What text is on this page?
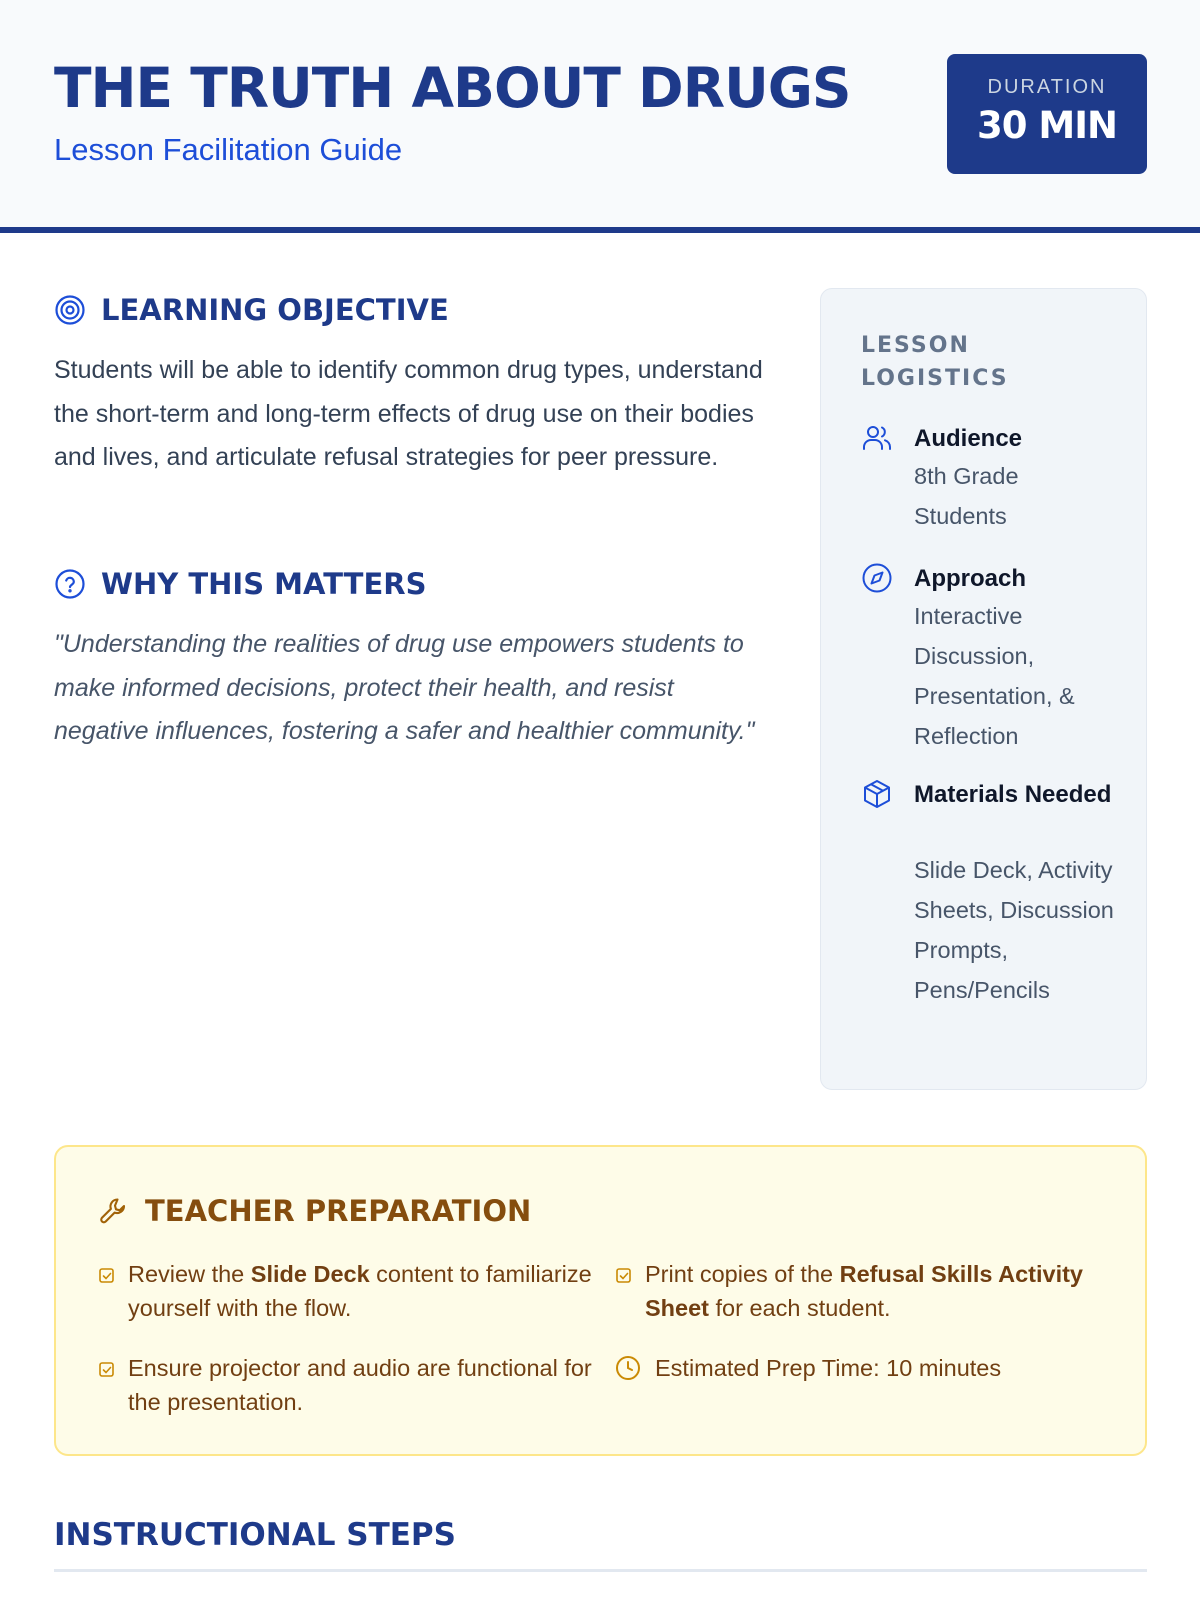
THE TRUTH ABOUT DRUGS
Lesson Facilitation Guide
DURATION
30 MIN
LEARNING OBJECTIVE
Students will be able to identify common drug types, understand the short-term and long-term effects of drug use on their bodies and lives, and articulate refusal strategies for peer pressure.
WHY THIS MATTERS
"Understanding the realities of drug use empowers students to make informed decisions, protect their health, and resist negative influences, fostering a safer and healthier community."
LESSON LOGISTICS
Audience
8th Grade Students
Approach
Interactive Discussion, Presentation, & Reflection
Materials Needed
Slide Deck, Activity Sheets, Discussion Prompts, Pens/Pencils
TEACHER PREPARATION
Review the Slide Deck content to familiarize yourself with the flow.
Print copies of the Refusal Skills Activity Sheet for each student.
Ensure projector and audio are functional for the presentation.
Estimated Prep Time: 10 minutes
INSTRUCTIONAL STEPS
